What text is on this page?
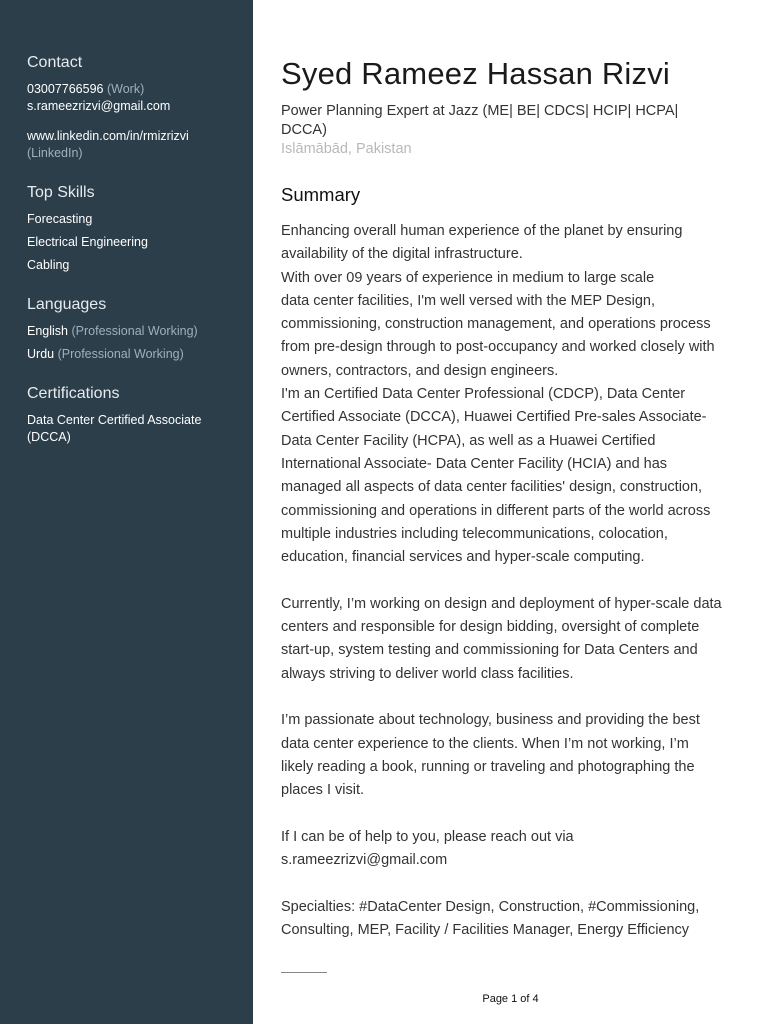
Contact
03007766596 (Work)
s.rameezrizvi@gmail.com
www.linkedin.com/in/rmizrizvi
(LinkedIn)
Top Skills
Forecasting
Electrical Engineering
Cabling
Languages
English (Professional Working)
Urdu (Professional Working)
Certifications
Data Center Certified Associate
(DCCA)
Syed Rameez Hassan Rizvi
Power Planning Expert at Jazz (ME| BE| CDCS| HCIP| HCPA|
DCCA)
Islāmābād, Pakistan
Summary
Enhancing overall human experience of the planet by ensuring
availability of the digital infrastructure.
With over 09 years of experience in medium to large scale
data center facilities, I'm well versed with the MEP Design,
commissioning, construction management, and operations process
from pre-design through to post-occupancy and worked closely with
owners, contractors, and design engineers.
I'm an Certified Data Center Professional (CDCP), Data Center
Certified Associate (DCCA), Huawei Certified Pre-sales Associate-
Data Center Facility (HCPA), as well as a Huawei Certified
International Associate- Data Center Facility (HCIA) and has
managed all aspects of data center facilities' design, construction,
commissioning and operations in different parts of the world across
multiple industries including telecommunications, colocation,
education, financial services and hyper-scale computing.
Currently, I’m working on design and deployment of hyper-scale data
centers and responsible for design bidding, oversight of complete
start-up, system testing and commissioning for Data Centers and
always striving to deliver world class facilities.
I’m passionate about technology, business and providing the best
data center experience to the clients. When I’m not working, I’m
likely reading a book, running or traveling and photographing the
places I visit.
If I can be of help to you, please reach out via
s.rameezrizvi@gmail.com
Specialties: #DataCenter Design, Construction, #Commissioning,
Consulting, MEP, Facility / Facilities Manager, Energy Efficiency
Page 1 of 4
